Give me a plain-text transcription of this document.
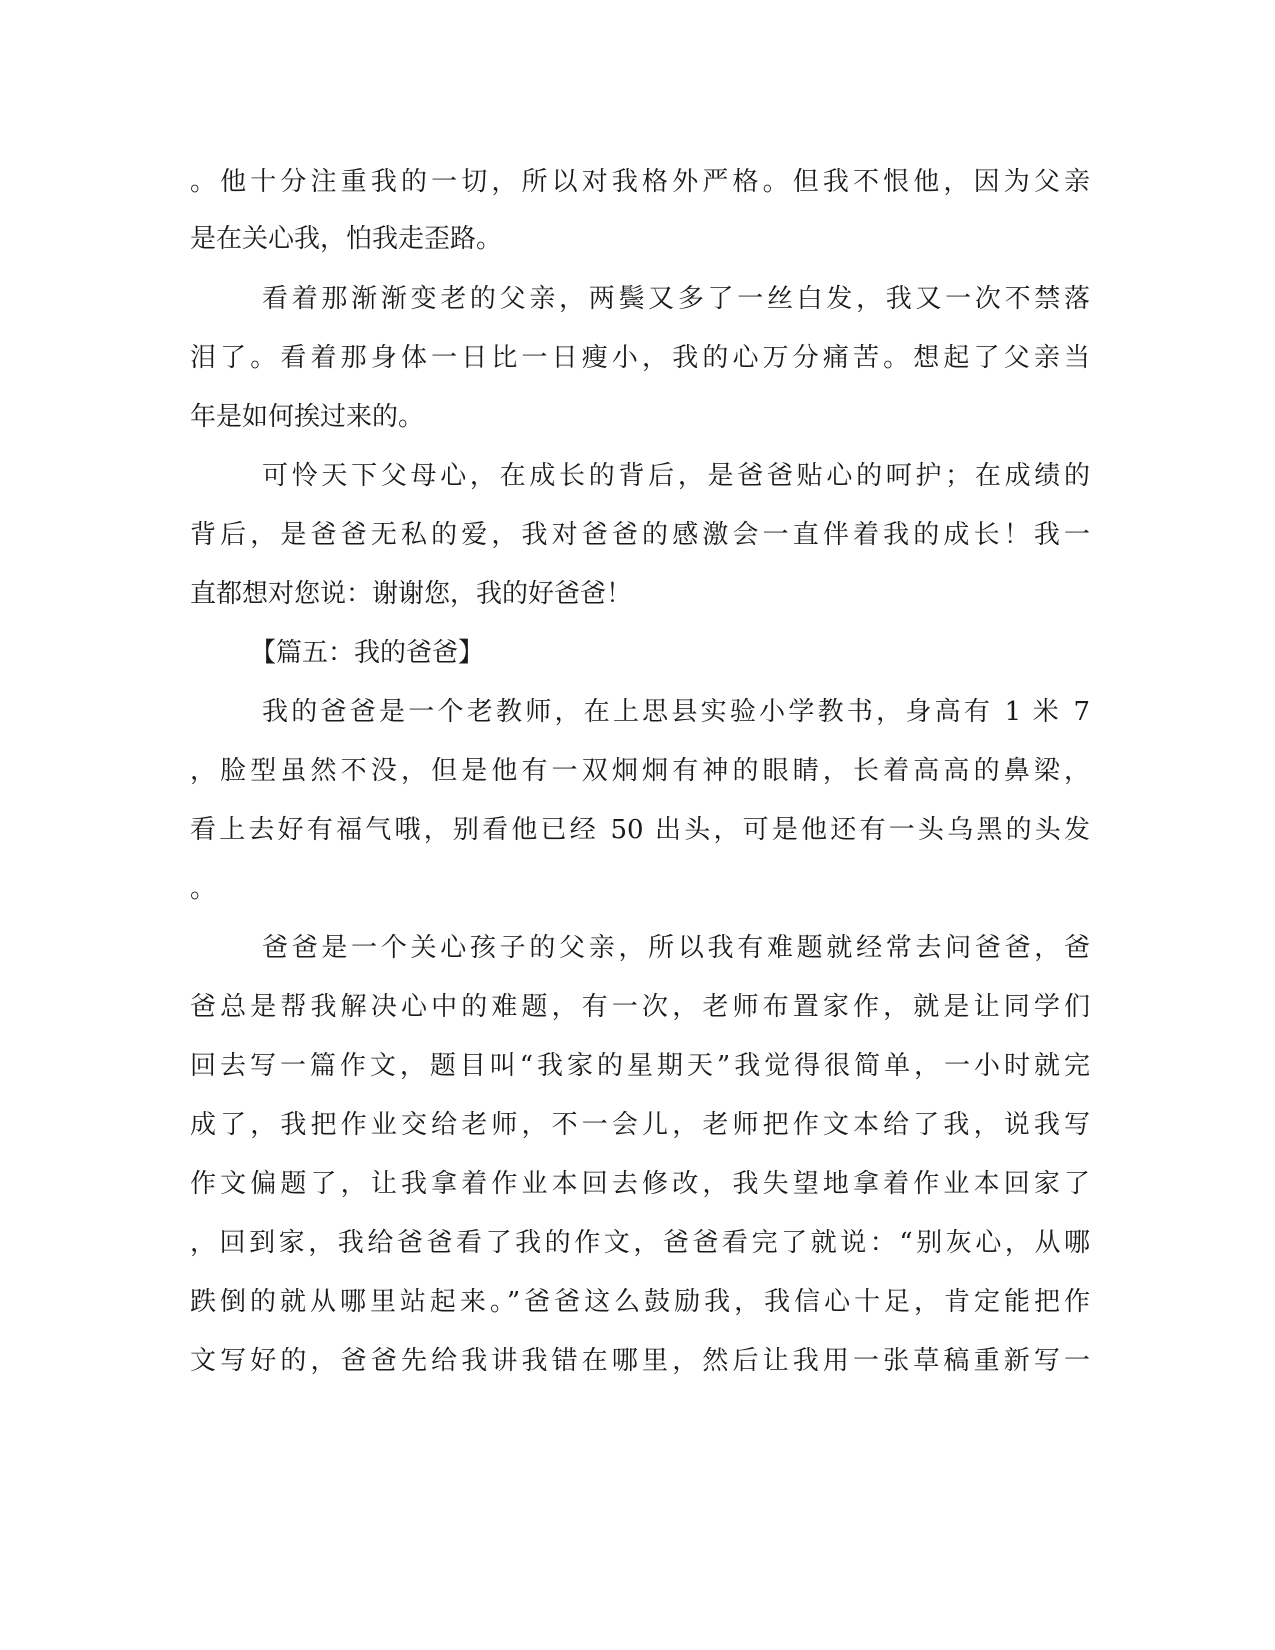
。他十分注重我的一切，所以对我格外严格。但我不恨他，因为父亲
是在关心我，怕我走歪路。
看着那渐渐变老的父亲，两鬓又多了一丝白发，我又一次不禁落
泪了。看着那身体一日比一日瘦小，我的心万分痛苦。想起了父亲当
年是如何挨过来的。
可怜天下父母心，在成长的背后，是爸爸贴心的呵护；在成绩的
背后，是爸爸无私的爱，我对爸爸的感激会一直伴着我的成长！我一
直都想对您说：谢谢您，我的好爸爸！
【篇五：我的爸爸】
我的爸爸是一个老教师，在上思县实验小学教书，身高有 1 米 7
，脸型虽然不没，但是他有一双炯炯有神的眼睛，长着高高的鼻梁，
看上去好有福气哦，别看他已经 50 出头，可是他还有一头乌黑的头发
。
爸爸是一个关心孩子的父亲，所以我有难题就经常去问爸爸，爸
爸总是帮我解决心中的难题，有一次，老师布置家作，就是让同学们
回去写一篇作文，题目叫“我家的星期天”我觉得很简单，一小时就完
成了，我把作业交给老师，不一会儿，老师把作文本给了我，说我写
作文偏题了，让我拿着作业本回去修改，我失望地拿着作业本回家了
，回到家，我给爸爸看了我的作文，爸爸看完了就说：“别灰心，从哪
跌倒的就从哪里站起来。”爸爸这么鼓励我，我信心十足，肯定能把作
文写好的，爸爸先给我讲我错在哪里，然后让我用一张草稿重新写一
